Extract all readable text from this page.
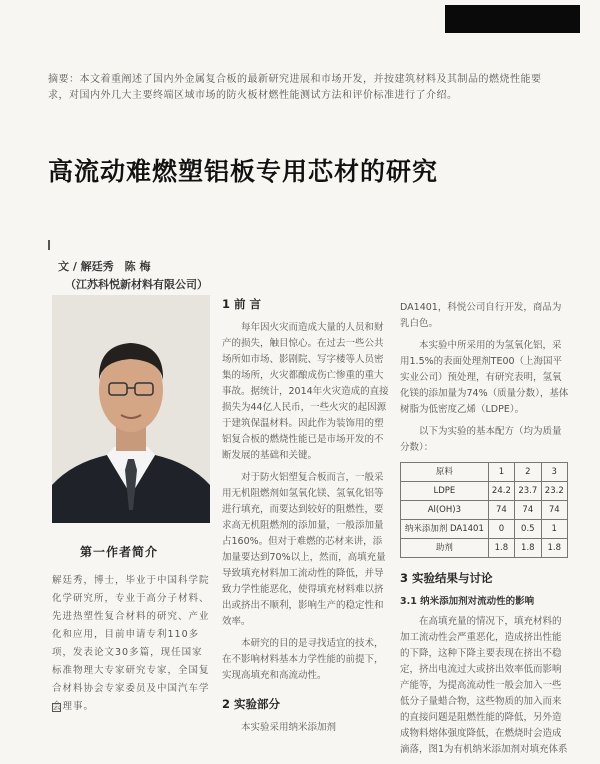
摘要：本文着重阐述了国内外金属复合板的最新研究进展和市场开发，并按建筑材料及其制品的燃烧性能要求，对国内外几大主要终端区域市场的防火板材燃性能测试方法和评价标准进行了介绍。
高流动难燃塑铝板专用芯材的研究
文 / 解廷秀　陈 梅
（江苏科悦新材料有限公司）
第一作者简介
解廷秀，博士，毕业于中国科学院化学研究所，专业于高分子材料、先进热塑性复合材料的研究、产业化和应用，目前申请专利110多项，发表论文30多篇，现任国家标准物理大专家研究专家，全国复合材料协会专家委员及中国汽车学会理事。
1 前 言

每年因火灾而造成大量的人员和财产的损失，触目惊心。在过去一些公共场所如市场、影剧院、写字楼等人员密集的场所，火灾都酿成伤亡惨重的重大事故。据统计，2014年火灾造成的直接损失为44亿人民币，一些火灾的起因源于建筑保温材料。因此作为装饰用的塑铝复合板的燃烧性能已是市场开发的不断发展的基础和关键。

对于防火铝塑复合板而言，一般采用无机阻燃剂如氢氧化镁、氢氧化铝等进行填充，而要达到较好的阻燃性，要求高无机阻燃剂的添加量，一般添加量占160%。但对于难燃的芯材来讲，添加量要达到70%以上，然而，高填充量导致填充材料加工流动性的降低，并导致力学性能恶化，使得填充材料难以挤出或挤出不顺利，影响生产的稳定性和效率。

本研究的目的是寻找适宜的技术，在不影响材料基本力学性能的前提下，实现高填充和高流动性。

2 实验部分

本实验采用纳米添加剂

DA1401，科悦公司自行开发，商品为乳白色。

本实验中所采用的为氢氧化铝，采用1.5%的表面处理剂TE00（上海国平实业公司）预处理，有研究表明，氢氧化镁的添加量为74%（质量分数），基体树脂为低密度乙烯（LDPE）。

以下为实验的基本配方（均为质量分数）：

原料	1	2	3
LDPE	24.2	23.7	23.2
Al(OH)3	74	74	74
纳米添加剂 DA1401	0	0.5	1
助剂	1.8	1.8	1.8
3 实验结果与讨论
3.1 纳米添加剂对流动性的影响

在高填充量的情况下，填充材料的加工流动性会严重恶化，造成挤出性能的下降，这种下降主要表现在挤出不稳定，挤出电流过大或挤出效率低而影响产能等，为提高流动性一般会加入一些低分子量蜡合物，这些物质的加入而来的直接问题是阻燃性能的降低，另外造成物料熔体强度降低，在燃烧时会造成滴落，图1为有机纳米添加剂对填充体系
